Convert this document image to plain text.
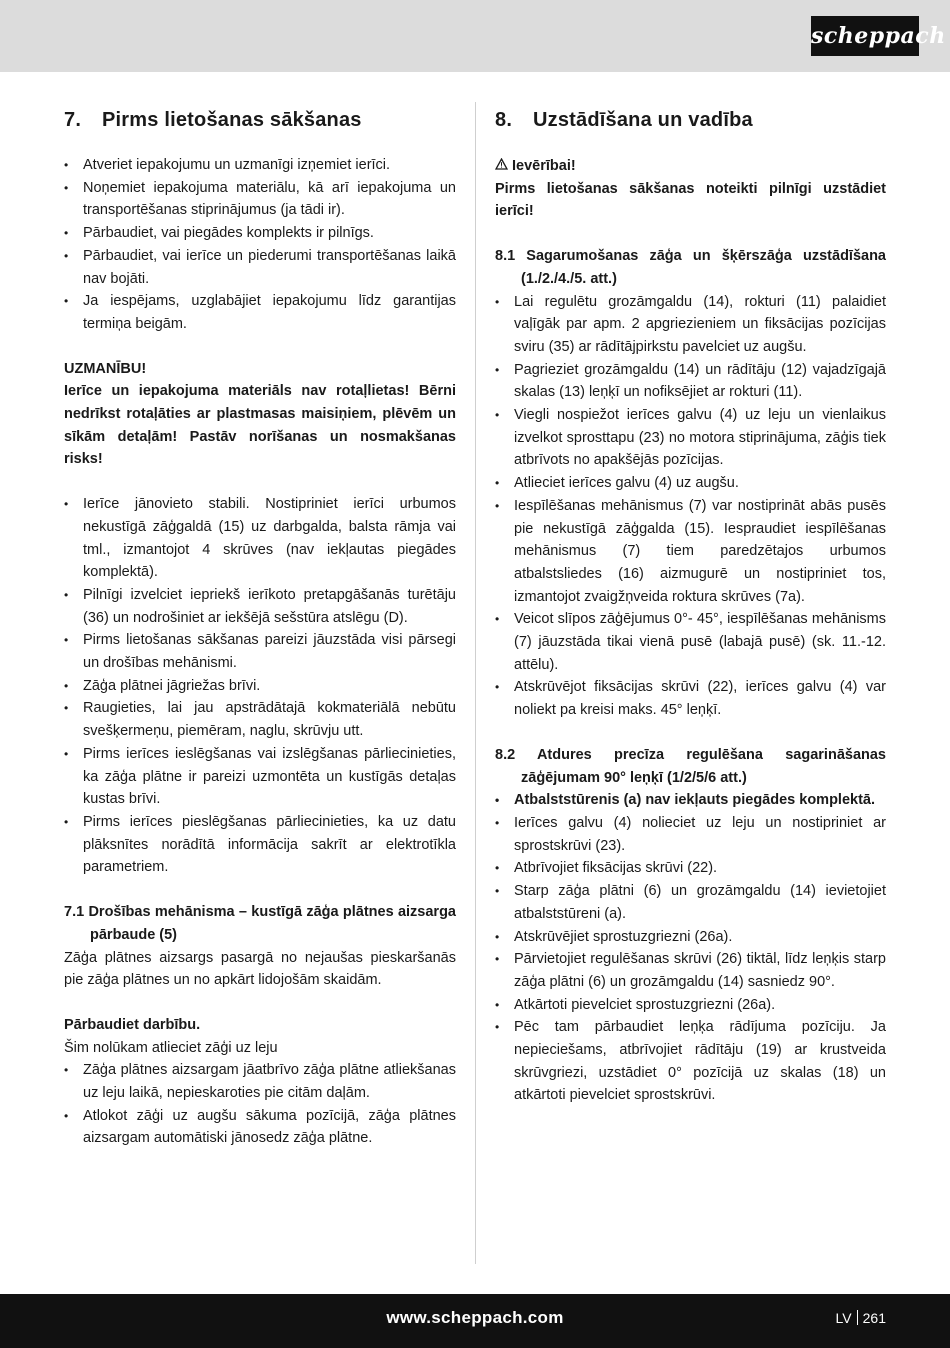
scheppach
7. Pirms lietošanas sākšanas
• Atveriet iepakojumu un uzmanīgi izņemiet ierīci.
• Noņemiet iepakojuma materiālu, kā arī iepakojuma un transportēšanas stiprinājumus (ja tādi ir).
• Pārbaudiet, vai piegādes komplekts ir pilnīgs.
• Pārbaudiet, vai ierīce un piederumi transportēšanas laikā nav bojāti.
• Ja iespējams, uzglabājiet iepakojumu līdz garantijas termiņa beigām.

UZMANĪBU!

Ierīce un iepakojuma materiāls nav rotaļlietas! Bērni nedrīkst rotaļāties ar plastmasas maisiņiem, plēvēm un sīkām detaļām! Pastāv norīšanas un nosmakšanas risks!

• Ierīce jānovieto stabili. Nostipriniet ierīci urbumos nekustīgā zāģgaldā (15) uz darbgalda, balsta rāmja vai tml., izmantojot 4 skrūves (nav iekļautas piegādes komplektā).
• Pilnīgi izvelciet iepriekš ierīkoto pretapgāšanās turētāju (36) un nodrošiniet ar iekšējā sešstūra atslēgu (D).
• Pirms lietošanas sākšanas pareizi jāuzstāda visi pārsegi un drošības mehānismi.
• Zāģa plātnei jāgriežas brīvi.
• Raugieties, lai jau apstrādātajā kokmateriālā nebūtu svešķermeņu, piemēram, naglu, skrūvju utt.
• Pirms ierīces ieslēgšanas vai izslēgšanas pārliecinieties, ka zāģa plātne ir pareizi uzmontēta un kustīgās detaļas kustas brīvi.
• Pirms ierīces pieslēgšanas pārliecinieties, ka uz datu plāksnītes norādītā informācija sakrīt ar elektrotīkla parametriem.

7.1 Drošības mehānisma – kustīgā zāģa plātnes aizsarga pārbaude (5)

Zāģa plātnes aizsargs pasargā no nejaušas pieskaršanās pie zāģa plātnes un no apkārt lidojošām skaidām.

Pārbaudiet darbību.

Šim nolūkam atlieciet zāģi uz leju

• Zāģa plātnes aizsargam jāatbrīvo zāģa plātne atliekšanas uz leju laikā, nepieskaroties pie citām daļām.
• Atlokot zāģi uz augšu sākuma pozīcijā, zāģa plātnes aizsargam automātiski jānosedz zāģa plātne.
8. Uzstādīšana un vadība

Ievērībai!

Pirms lietošanas sākšanas noteikti pilnīgi uzstādiet ierīci!

8.1 Sagarumošanas zāģa un šķērszāģa uzstādīšana (1./2./4./5. att.)

• Lai regulētu grozāmgaldu (14), rokturi (11) palaidiet vaļīgāk par apm. 2 apgriezieniem un fiksācijas pozīcijas sviru (35) ar rādītājpirkstu pavelciet uz augšu.
• Pagrieziet grozāmgaldu (14) un rādītāju (12) vajadzīgajā skalas (13) leņķī un nofiksējiet ar rokturi (11).
• Viegli nospiežot ierīces galvu (4) uz leju un vienlaikus izvelkot sprosttapu (23) no motora stiprinājuma, zāģis tiek atbrīvots no apakšējās pozīcijas.
• Atlieciet ierīces galvu (4) uz augšu.
• Iespīlēšanas mehānismus (7) var nostiprināt abās pusēs pie nekustīgā zāģgalda (15). Iespraudiet iespīlēšanas mehānismus (7) tiem paredzētajos urbumos atbalstsliedes (16) aizmugurē un nostipriniet tos, izmantojot zvaigžņveida roktura skrūves (7a).
• Veicot slīpos zāģējumus 0°- 45°, iespīlēšanas mehānisms (7) jāuzstāda tikai vienā pusē (labajā pusē) (sk. 11.-12. attēlu).
• Atskrūvējot fiksācijas skrūvi (22), ierīces galvu (4) var noliekt pa kreisi maks. 45° leņķī.

8.2 Atdures precīza regulēšana sagarināšanas zāģējumam 90° leņķī (1/2/5/6 att.)

• Atbalststūrenis (a) nav iekļauts piegādes komplektā.
• Ierīces galvu (4) nolieciet uz leju un nostipriniet ar sprostskrūvi (23).
• Atbrīvojiet fiksācijas skrūvi (22).
• Starp zāģa plātni (6) un grozāmgaldu (14) ievietojiet atbalststūreni (a).
• Atskrūvējiet sprostuzgriezni (26a).
• Pārvietojiet regulēšanas skrūvi (26) tiktāl, līdz leņķis starp zāģa plātni (6) un grozāmgaldu (14) sasniedz 90°.
• Atkārtoti pievelciet sprostuzgriezni (26a).
• Pēc tam pārbaudiet leņķa rādījuma pozīciju. Ja nepieciešams, atbrīvojiet rādītāju (19) ar krustveida skrūvgriezi, uzstādiet 0° pozīcijā uz skalas (18) un atkārtoti pievelciet sprostskrūvi.
www.scheppach.com	LV 261
